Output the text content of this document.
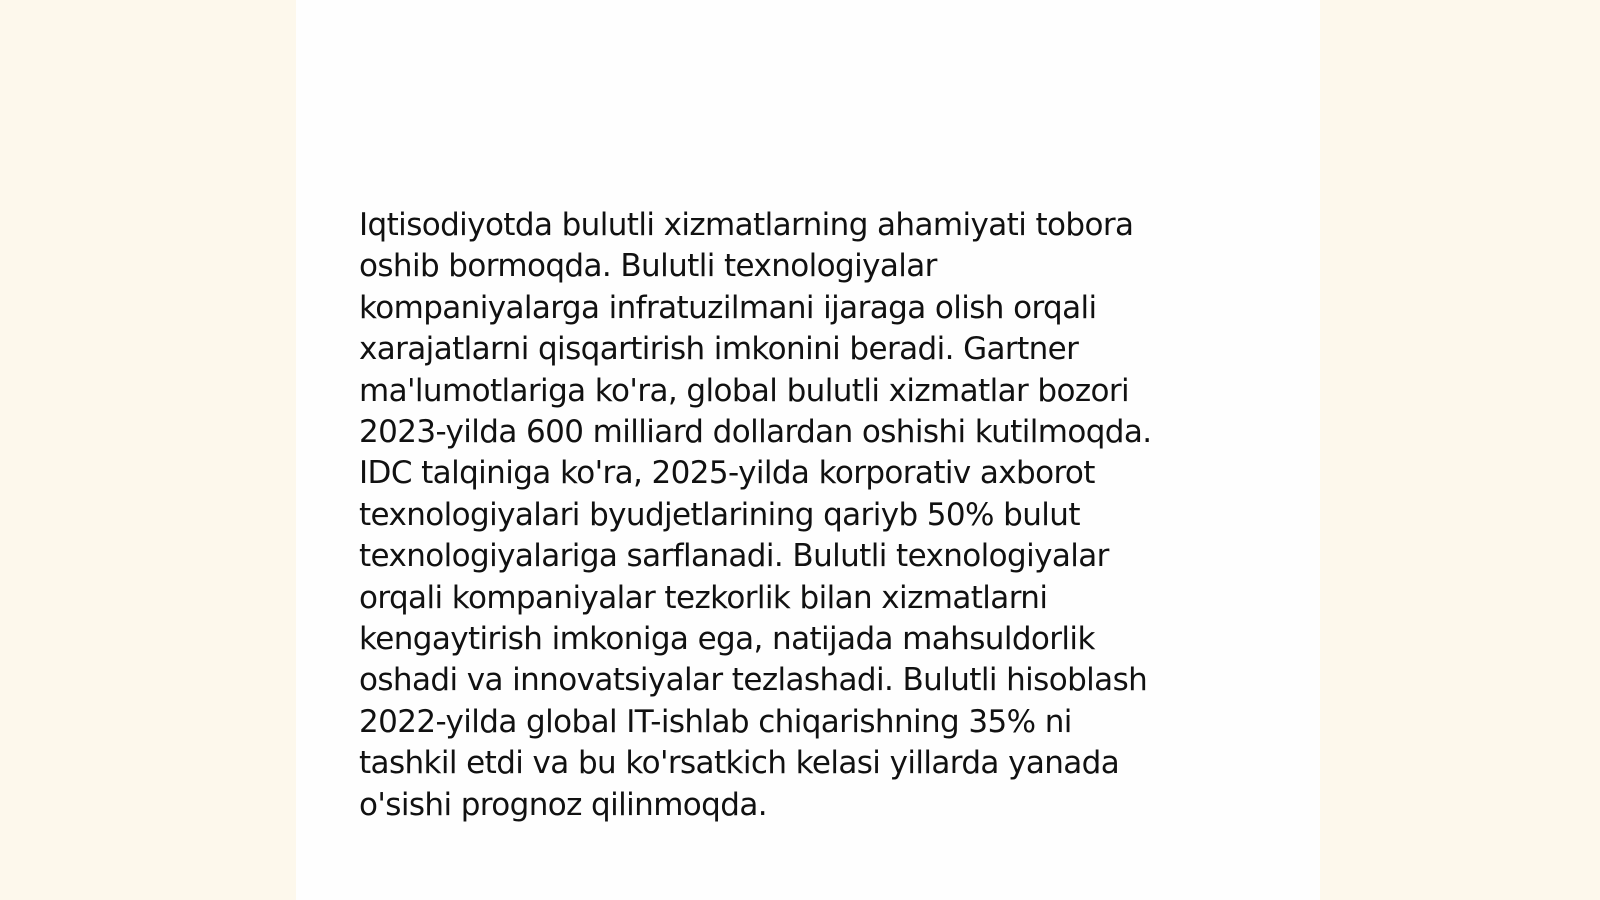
Iqtisodiyotda bulutli xizmatlarning ahamiyati tobora
oshib bormoqda. Bulutli texnologiyalar
kompaniyalarga infratuzilmani ijaraga olish orqali
xarajatlarni qisqartirish imkonini beradi. Gartner
ma'lumotlariga ko'ra, global bulutli xizmatlar bozori
2023-yilda 600 milliard dollardan oshishi kutilmoqda.
IDC talqiniga ko'ra, 2025-yilda korporativ axborot
texnologiyalari byudjetlarining qariyb 50% bulut
texnologiyalariga sarflanadi. Bulutli texnologiyalar
orqali kompaniyalar tezkorlik bilan xizmatlarni
kengaytirish imkoniga ega, natijada mahsuldorlik
oshadi va innovatsiyalar tezlashadi. Bulutli hisoblash
2022-yilda global IT-ishlab chiqarishning 35% ni
tashkil etdi va bu ko'rsatkich kelasi yillarda yanada
o'sishi prognoz qilinmoqda.
